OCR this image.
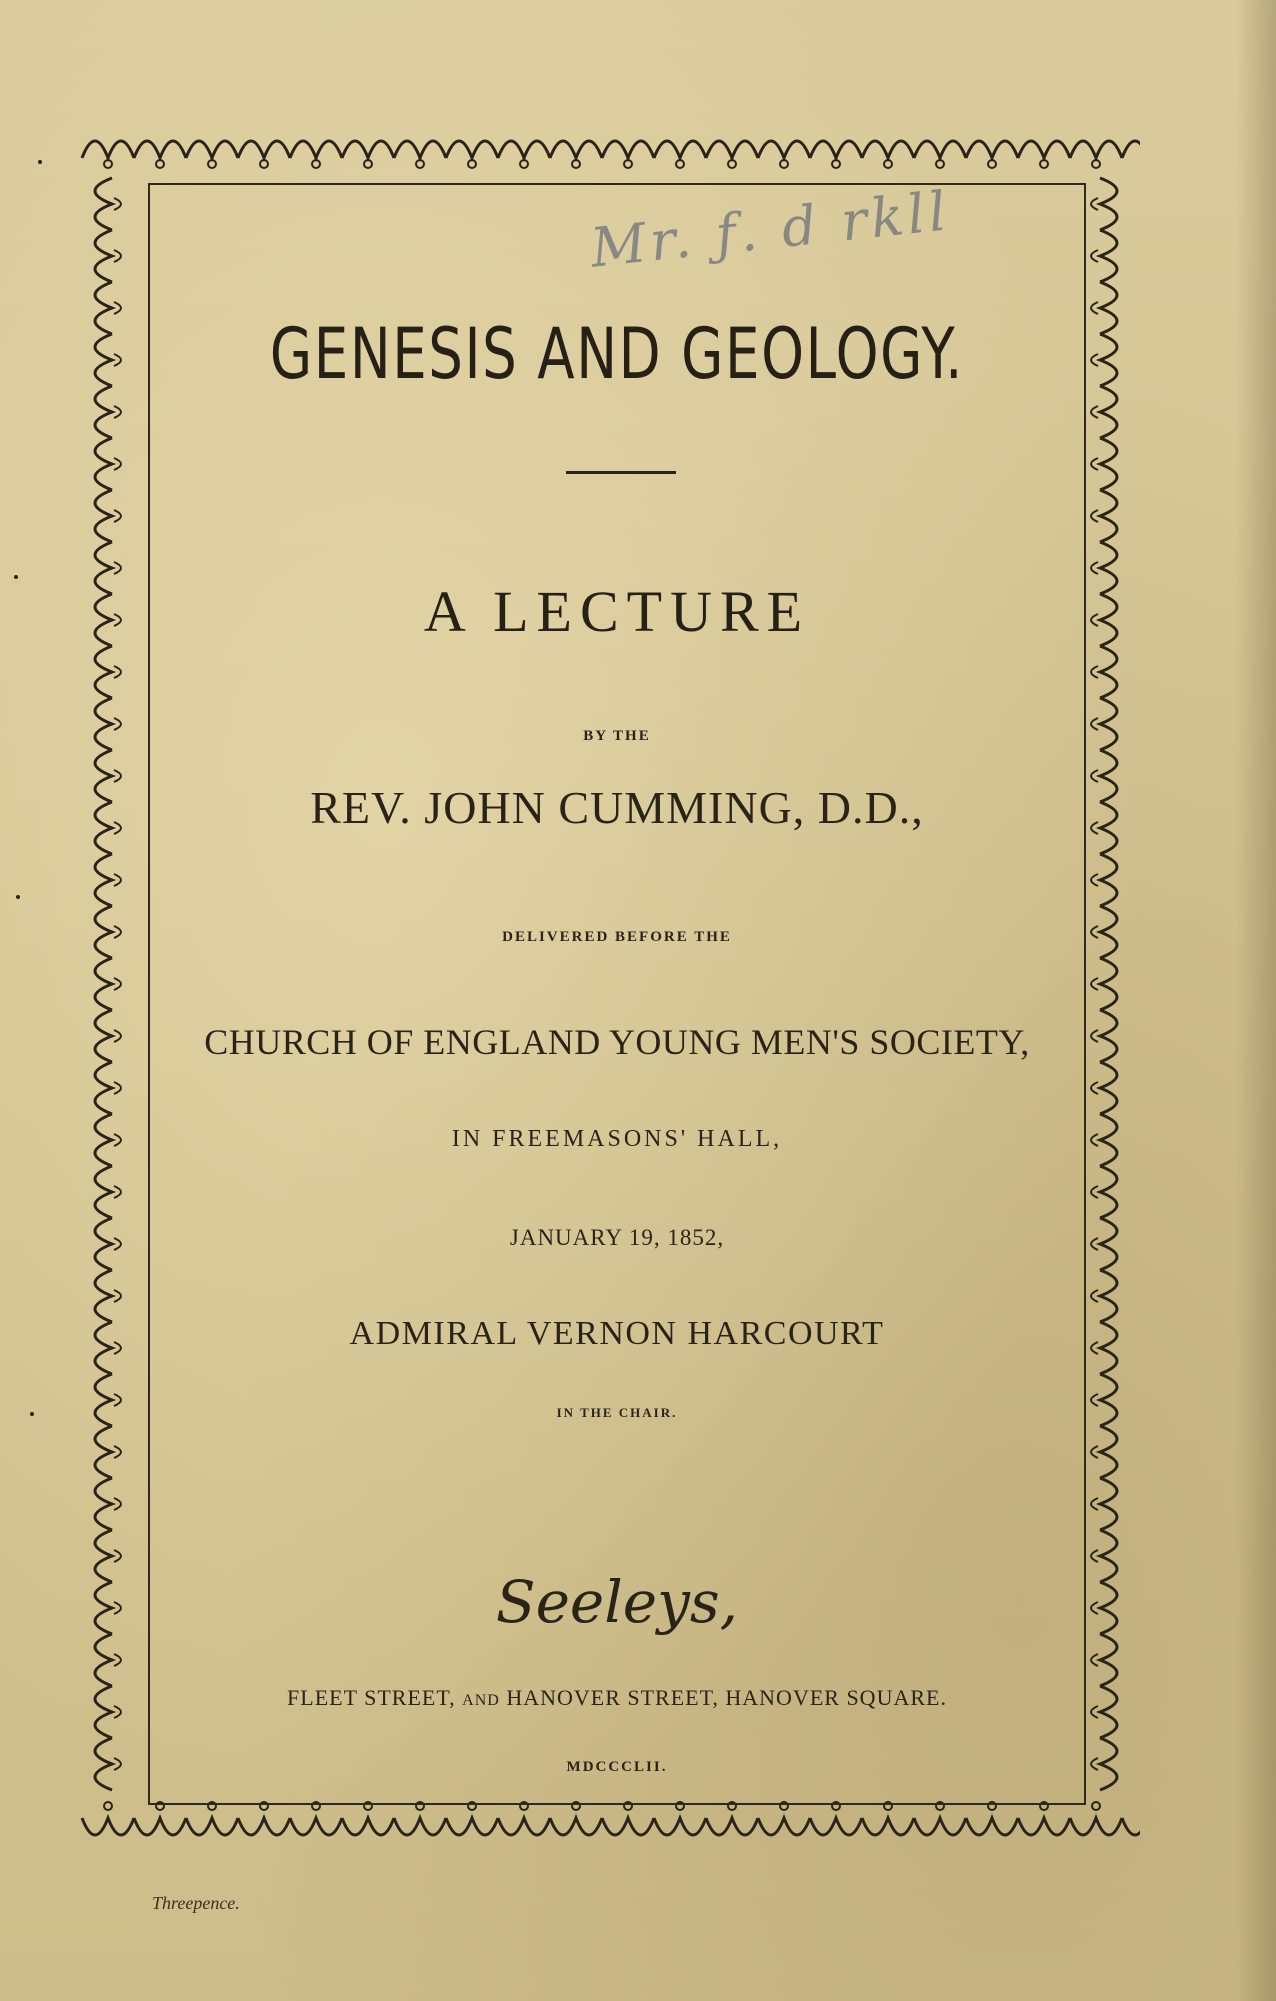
Mr. ƒ. d rkll
GENESIS AND GEOLOGY.
A LECTURE
BY THE
REV. JOHN CUMMING, D.D.,
DELIVERED BEFORE THE
CHURCH OF ENGLAND YOUNG MEN'S SOCIETY,
IN FREEMASONS' HALL,
JANUARY 19, 1852,
ADMIRAL VERNON HARCOURT
IN THE CHAIR.
Seeleys,
FLEET STREET, AND HANOVER STREET, HANOVER SQUARE.
MDCCCLII.
Threepence.
